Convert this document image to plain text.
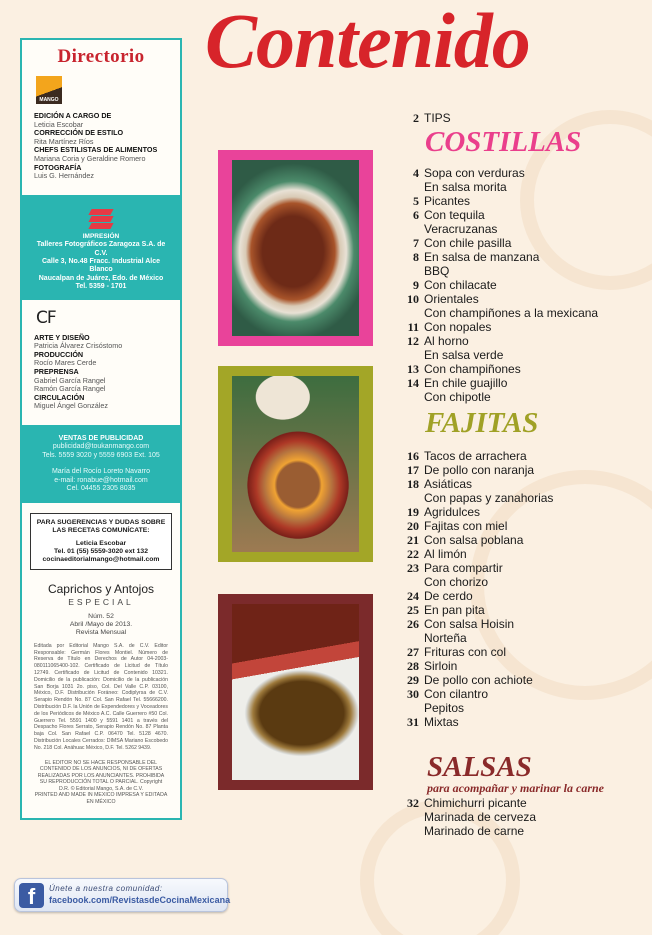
Contenido
Directorio
MANGO
EDICIÓN A CARGO DE
Leticia Escobar
CORRECCIÓN DE ESTILO
Rita Martínez Ríos
CHEFS ESTILISTAS DE ALIMENTOS
Mariana Coria y Geraldine Romero
FOTOGRAFÍA
Luis G. Hernández
IMPRESIÓN
Talleres Fotográficos Zaragoza S.A. de C.V.
Calle 3, No.48 Fracc. Industrial Alce Blanco
Naucalpan de Juárez, Edo. de México
Tel. 5359 - 1701
CF
ARTE Y DISEÑO
Patricia Álvarez Crisóstomo
PRODUCCIÓN
Rocío Mares Cerde
PREPRENSA
Gabriel García Rangel
Ramón García Rangel
CIRCULACIÓN
Miguel Ángel González
VENTAS DE PUBLICIDAD
publicidad@toukanmango.com
Tels. 5559 3020 y 5559 6903 Ext. 105
María del Rocío Loreto Navarro
e-mail: ronabue@hotmail.com
Cel. 04455 2305 8035
PARA SUGERENCIAS Y DUDAS SOBRE LAS RECETAS COMUNÍCATE:
Leticia Escobar
Tel. 01 (55) 5559-3020 ext 132
cocinaeditorialmango@hotmail.com
Caprichos y Antojos
ESPECIAL
Núm. 52
Abril /Mayo de 2013.
Revista Mensual
Editada por Editorial Mango S.A. de C.V. Editor Responsable: Germán Flores Montiel. Número de Reserva de Título en Derechos de Autor 04-2003-080111065400-102. Certificado de Licitud de Título 12749. Certificado de Licitud de Contenido 10321. Domicilio de la publicación: Domicilio de la publicación San Borja 1031 2o. piso, Col. Del Valle C.P. 03100, México, D.F. Distribución Foráneo: Codiplyrsa de C.V. Serapio Rendón No. 87 Col. San Rafael Tel. 55666200. Distribución D.F. la Unión de Expendedores y Voceadores de los Periódicos de México A.C. Calle Guerrero #50 Col. Guerrero Tel. 5591 1400 y 5591 1401 a través del Despacho Flores Serrato, Serapio Rendón No. 87 Planta baja Col. San Rafael C.P. 06470 Tel. 5128 4670. Distribución Locales Cerrados: DIMSA Mariano Escobedo No. 218 Col. Anáhuac México, D.F. Tel. 5262 9439.
EL EDITOR NO SE HACE RESPONSABLE DEL CONTENIDO DE LOS ANUNCIOS, NI DE OFERTAS REALIZADAS POR LOS ANUNCIANTES. PROHIBIDA SU REPRODUCCIÓN TOTAL O PARCIAL. Copyright D.R. © Editorial Mango, S.A. de C.V.
PRINTED AND MADE IN MEXICO IMPRESA Y EDITADA EN MÉXICO
COSTILLAS
FAJITAS
SALSAS
para acompañar y marinar la carne
2 TIPS
4 Sopa con verduras
En salsa morita
5 Picantes
6 Con tequila
Veracruzanas
7 Con chile pasilla
8 En salsa de manzana
BBQ
9 Con chilacate
10 Orientales
Con champiñones a la mexicana
11 Con nopales
12 Al horno
En salsa verde
13 Con champiñones
14 En chile guajillo
Con chipotle
16 Tacos de arrachera
17 De pollo con naranja
18 Asiáticas
Con papas y zanahorias
19 Agridulces
20 Fajitas con miel
21 Con salsa poblana
22 Al limón
23 Para compartir
Con chorizo
24 De cerdo
25 En pan pita
26 Con salsa Hoisin
Norteña
27 Frituras con col
28 Sirloin
29 De pollo con achiote
30 Con cilantro
Pepitos
31 Mixtas
32 Chimichurri picante
Marinada de cerveza
Marinado de carne
f	Únete a nuestra comunidad:
facebook.com/RevistasdeCocinaMexicana
